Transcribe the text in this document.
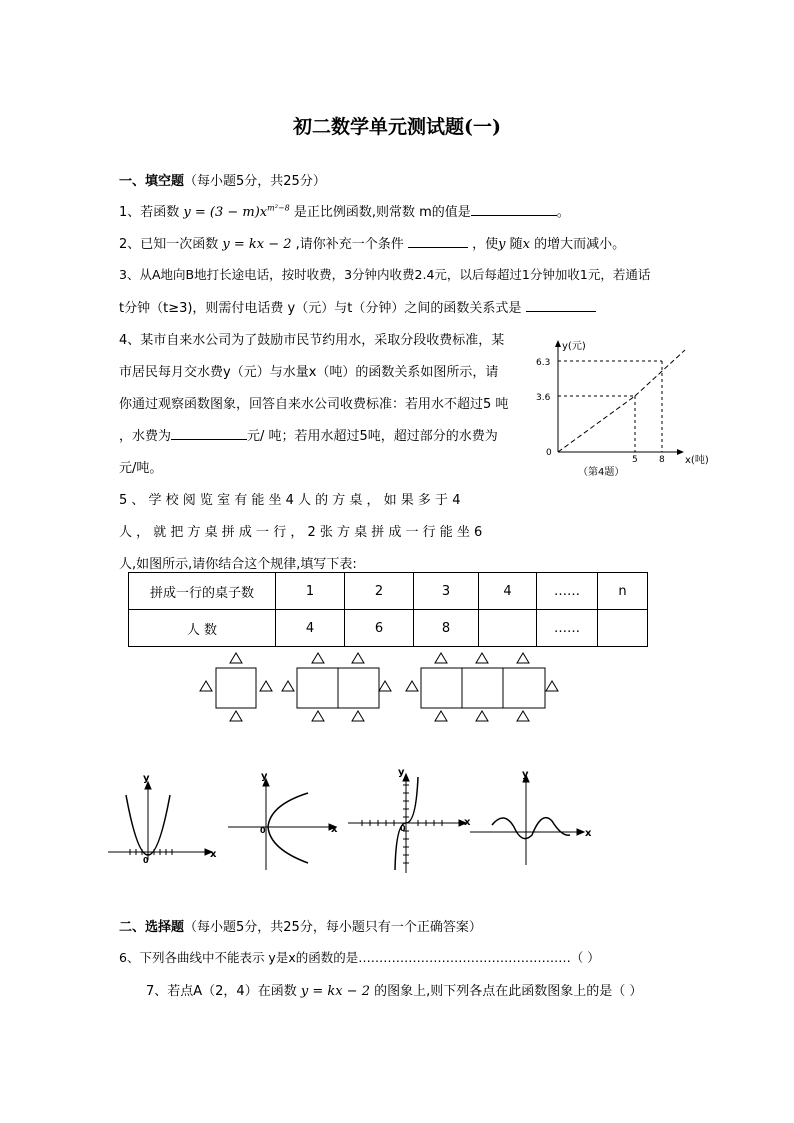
初二数学单元测试题(一)
一、填空题（每小题5分，共25分）
1、若函数 $y = (3 - m)x^{m^2-8}$ 是正比例函数,则常数 m的值是	。
2、已知一次函数 y = kx − 2 ,请你补充一个条件	，使y 随x 的增大而减小。
3、从A地向B地打长途电话，按时收费，3分钟内收费2.4元，以后每超过1分钟加收1元，若通话
t分钟（t≥3)，则需付电话费 y（元）与t（分钟）之间的函数关系式是
4、某市自来水公司为了鼓励市民节约用水，采取分段收费标准，某
市居民每月交水费y（元）与水量x（吨）的函数关系如图所示，请
你通过观察函数图象，回答自来水公司收费标准：若用水不超过5 吨
，水费为	元/ 吨；若用水超过5吨，超过部分的水费为
元/吨。
y(元)
6.3
3.6
0
5 8 x(吨)
（第4题）
5 、 学 校 阅 览 室 有 能 坐 4 人 的 方 桌 ， 如 果 多 于 4
人 ， 就 把 方 桌 拼 成 一 行 ， 2 张 方 桌 拼 成 一 行 能 坐 6
人,如图所示,请你结合这个规律,填写下表:
拼成一行的桌子数	1	2	3	4	……	n
人 数	4	6	8		……	
y
x
0
y
x
0
y
x
0
y
x
二、选择题（每小题5分，共25分，每小题只有一个正确答案）
6、下列各曲线中不能表示 y是x的函数的是……………………………………………（ ）
7、若点A（2，4）在函数 y = kx − 2 的图象上,则下列各点在此函数图象上的是（ ）
